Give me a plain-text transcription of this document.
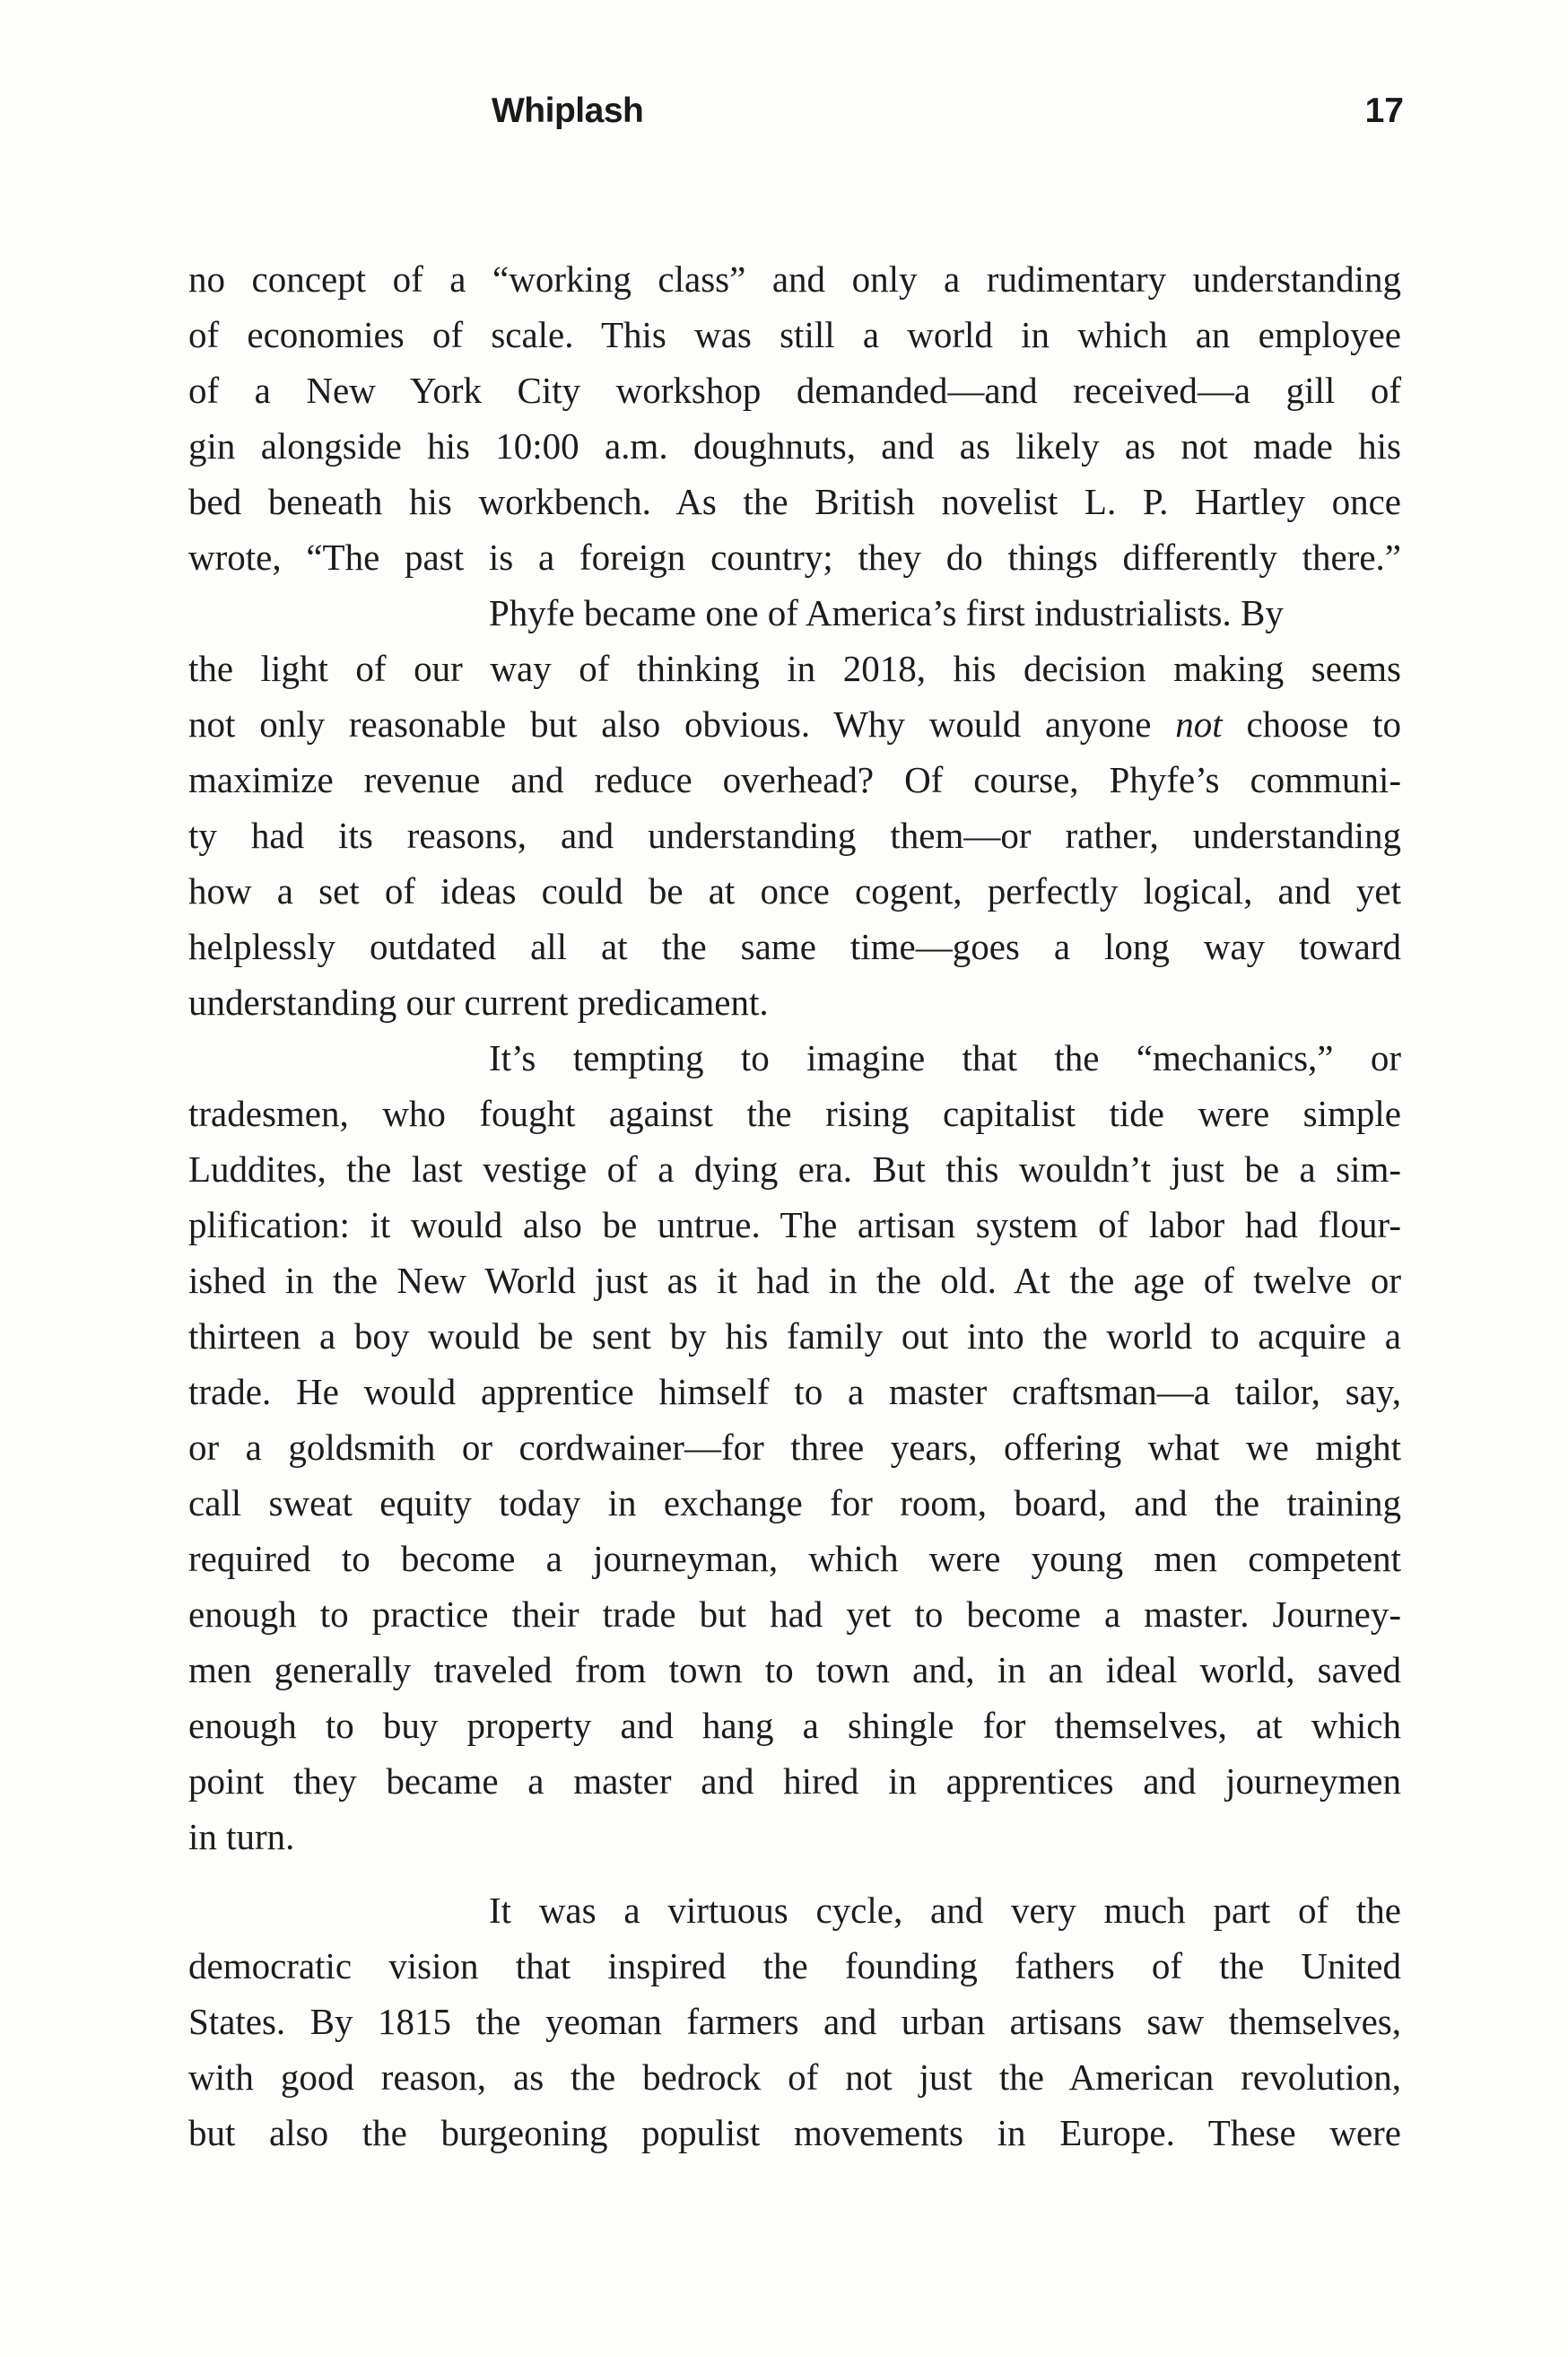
Whiplash	17
no concept of a “working class” and only a rudimentary understanding
of economies of scale. This was still a world in which an employee
of a New York City workshop demanded—and received—a gill of
gin alongside his 10:00 a.m. doughnuts, and as likely as not made his
bed beneath his workbench. As the British novelist L. P. Hartley once
wrote, “The past is a foreign country; they do things differently there.”
Phyfe became one of America’s first industrialists. By
the light of our way of thinking in 2018, his decision making seems
not only reasonable but also obvious. Why would anyone not choose to
maximize revenue and reduce overhead? Of course, Phyfe’s communi-
ty had its reasons, and understanding them—or rather, understanding
how a set of ideas could be at once cogent, perfectly logical, and yet
helplessly outdated all at the same time—goes a long way toward
understanding our current predicament.
It’s tempting to imagine that the “mechanics,” or
tradesmen, who fought against the rising capitalist tide were simple
Luddites, the last vestige of a dying era. But this wouldn’t just be a sim-
plification: it would also be untrue. The artisan system of labor had flour-
ished in the New World just as it had in the old. At the age of twelve or
thirteen a boy would be sent by his family out into the world to acquire a
trade. He would apprentice himself to a master craftsman—a tailor, say,
or a goldsmith or cordwainer—for three years, offering what we might
call sweat equity today in exchange for room, board, and the training
required to become a journeyman, which were young men competent
enough to practice their trade but had yet to become a master. Journey-
men generally traveled from town to town and, in an ideal world, saved
enough to buy property and hang a shingle for themselves, at which
point they became a master and hired in apprentices and journeymen
in turn.
It was a virtuous cycle, and very much part of the
democratic vision that inspired the founding fathers of the United
States. By 1815 the yeoman farmers and urban artisans saw themselves,
with good reason, as the bedrock of not just the American revolution,
but also the burgeoning populist movements in Europe. These were
